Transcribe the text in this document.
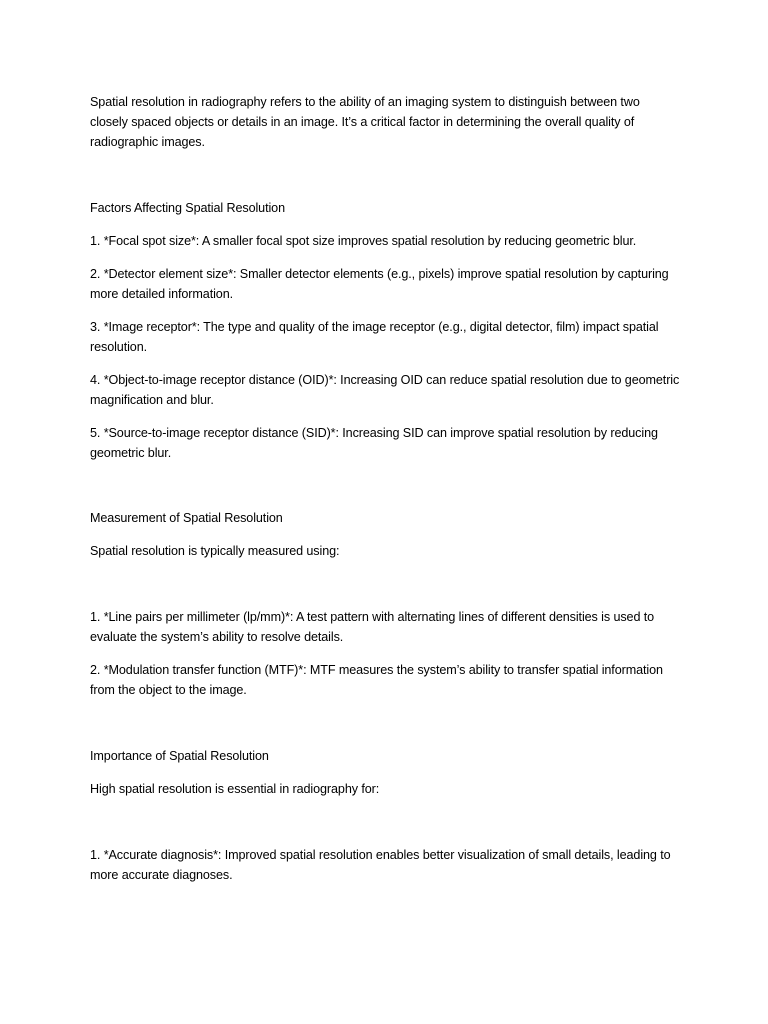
Spatial resolution in radiography refers to the ability of an imaging system to distinguish between two closely spaced objects or details in an image. It’s a critical factor in determining the overall quality of radiographic images.

Factors Affecting Spatial Resolution

1. *Focal spot size*: A smaller focal spot size improves spatial resolution by reducing geometric blur.

2. *Detector element size*: Smaller detector elements (e.g., pixels) improve spatial resolution by capturing more detailed information.

3. *Image receptor*: The type and quality of the image receptor (e.g., digital detector, film) impact spatial resolution.

4. *Object-to-image receptor distance (OID)*: Increasing OID can reduce spatial resolution due to geometric magnification and blur.

5. *Source-to-image receptor distance (SID)*: Increasing SID can improve spatial resolution by reducing geometric blur.

Measurement of Spatial Resolution

Spatial resolution is typically measured using:

1. *Line pairs per millimeter (lp/mm)*: A test pattern with alternating lines of different densities is used to evaluate the system’s ability to resolve details.

2. *Modulation transfer function (MTF)*: MTF measures the system’s ability to transfer spatial information from the object to the image.

Importance of Spatial Resolution

High spatial resolution is essential in radiography for:

1. *Accurate diagnosis*: Improved spatial resolution enables better visualization of small details, leading to more accurate diagnoses.
